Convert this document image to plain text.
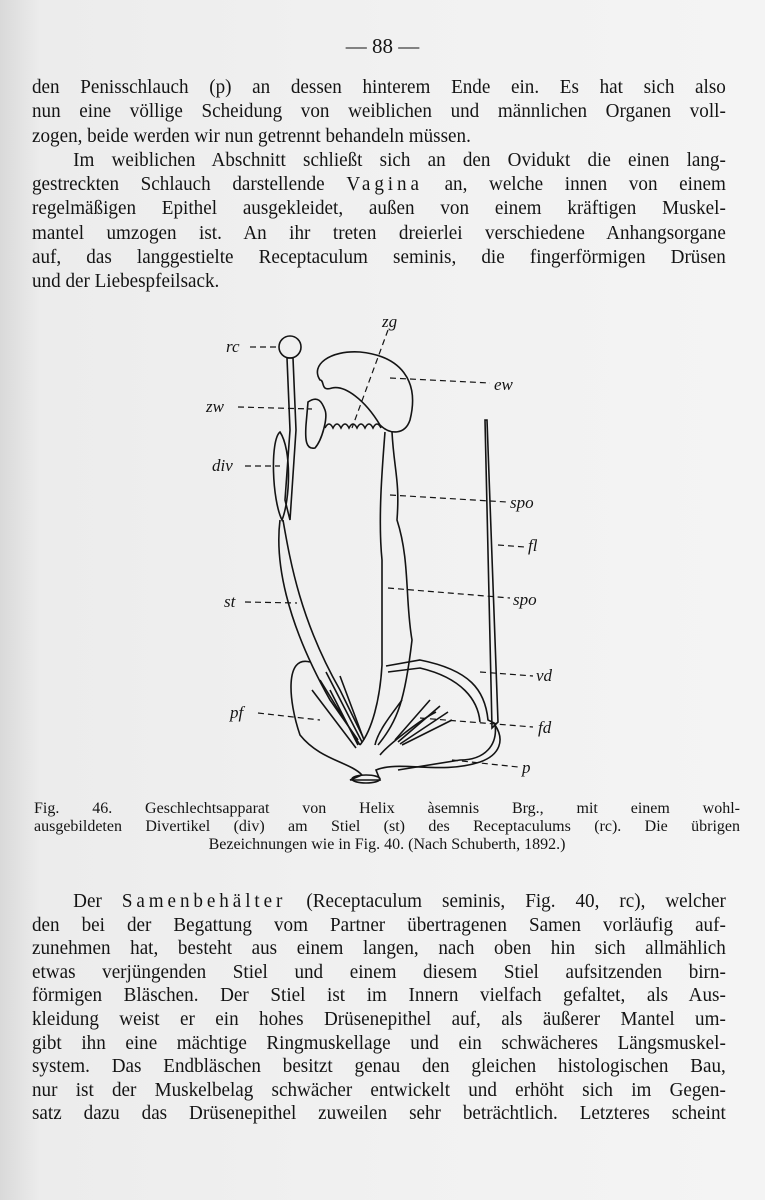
— 88 —
den Penisschlauch (p) an dessen hinterem Ende ein. Es hat sich also
nun eine völlige Scheidung von weiblichen und männlichen Organen voll-
zogen, beide werden wir nun getrennt behandeln müssen.
Im weiblichen Abschnitt schließt sich an den Ovidukt die einen lang-
gestreckten Schlauch darstellende Vagina an, welche innen von einem
regelmäßigen Epithel ausgekleidet, außen von einem kräftigen Muskel-
mantel umzogen ist. An ihr treten dreierlei verschiedene Anhangsorgane
auf, das langgestielte Receptaculum seminis, die fingerförmigen Drüsen
und der Liebespfeilsack.
rc
zg
ew
zw
div
spo
fl
st	spo
vd
pf
fd
p
Fig. 46. Geschlechtsapparat von Helix àsemnis Brg., mit einem wohl-
ausgebildeten Divertikel (div) am Stiel (st) des Receptaculums (rc). Die übrigen
Bezeichnungen wie in Fig. 40. (Nach Schuberth, 1892.)
Der Samenbehälter (Receptaculum seminis, Fig. 40, rc), welcher
den bei der Begattung vom Partner übertragenen Samen vorläufig auf-
zunehmen hat, besteht aus einem langen, nach oben hin sich allmählich
etwas verjüngenden Stiel und einem diesem Stiel aufsitzenden birn-
förmigen Bläschen. Der Stiel ist im Innern vielfach gefaltet, als Aus-
kleidung weist er ein hohes Drüsenepithel auf, als äußerer Mantel um-
gibt ihn eine mächtige Ringmuskellage und ein schwächeres Längsmuskel-
system. Das Endbläschen besitzt genau den gleichen histologischen Bau,
nur ist der Muskelbelag schwächer entwickelt und erhöht sich im Gegen-
satz dazu das Drüsenepithel zuweilen sehr beträchtlich. Letzteres scheint
